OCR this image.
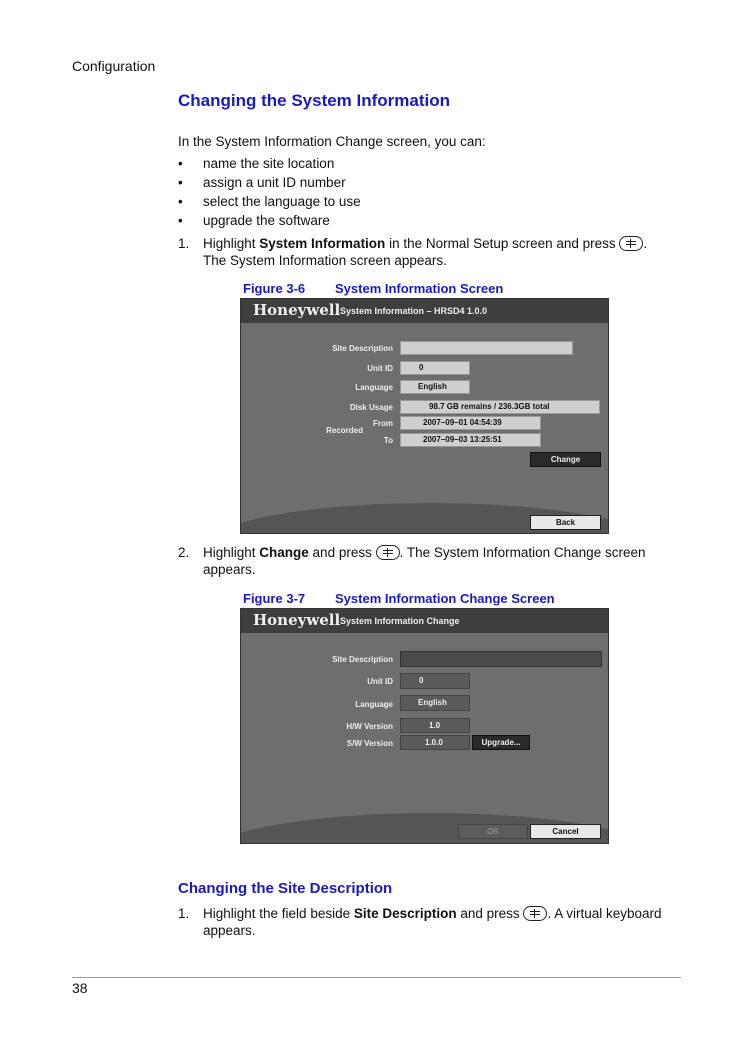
Configuration
Changing the System Information
In the System Information Change screen, you can:
• name the site location
• assign a unit ID number
• select the language to use
• upgrade the software
1. Highlight System Information in the Normal Setup screen and press . The System Information screen appears.
Figure 3-6 System Information Screen
Honeywell System Information – HRSD4 1.0.0
Site Description
Unit ID	0
Language	English
Disk Usage	98.7 GB remains / 236.3GB total
Recorded
From	2007–09–01 04:54:39
To	2007–09–03 13:25:51
Change
Back
2. Highlight Change and press . The System Information Change screen appears.
Figure 3-7 System Information Change Screen
Honeywell System Information Change
Site Description
Unit ID	0
Language	English
H/W Version	1.0
S/W Version	1.0.0	Upgrade...
OK	Cancel
Changing the Site Description
1. Highlight the field beside Site Description and press . A virtual keyboard appears.
38
